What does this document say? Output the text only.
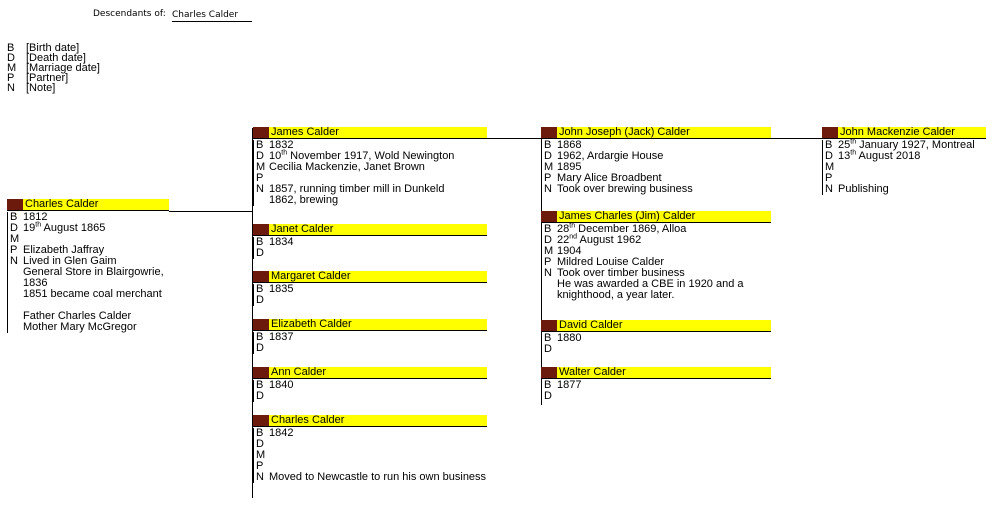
Descendants of: Charles Calder
B	[Birth date]
D	[Death date]
M [Marriage date]
P	[Partner]
N	[Note]
Charles Calder
B 1812
D 19th August 1865
M
P Elizabeth Jaffray
N Lived in Glen Gaim
General Store in Blairgowrie, 1836
1851 became coal merchant

Father Charles Calder
Mother Mary McGregor
James Calder
B 1832
D 10th November 1917, Wold Newington
M Cecilia Mackenzie, Janet Brown
P
N 1857, running timber mill in Dunkeld
1862, brewing
Janet Calder
B 1834
D
Margaret Calder
B 1835
D
Elizabeth Calder
B 1837
D
Ann Calder
B 1840
D
Charles Calder
B 1842
D
M
P
N Moved to Newcastle to run his own business
John Joseph (Jack) Calder
B 1868
D 1962, Ardargie House
M 1895
P Mary Alice Broadbent
N Took over brewing business
James Charles (Jim) Calder
B 28th December 1869, Alloa
D 22nd August 1962
M 1904
P Mildred Louise Calder
N Took over timber business
He was awarded a CBE in 1920 and a
knighthood, a year later.
David Calder
B 1880
D
Walter Calder
B 1877
D
John Mackenzie Calder
B 25th January 1927, Montreal
D 13th August 2018
M
P
N Publishing
